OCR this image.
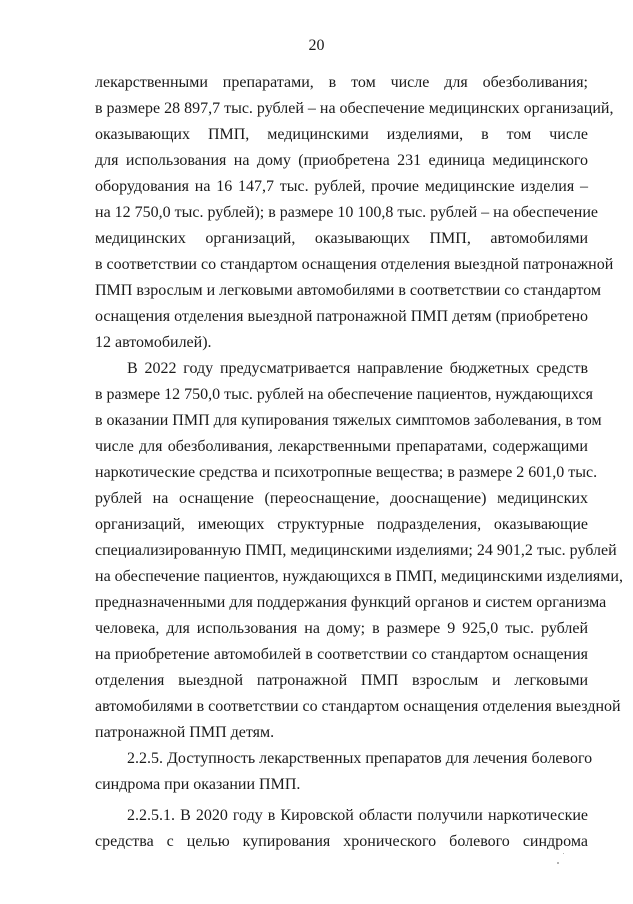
20
лекарственными препаратами, в том числе для обезболивания;
в размере 28 897,7 тыс. рублей – на обеспечение медицинских организаций,
оказывающих ПМП, медицинскими изделиями, в том числе
для использования на дому (приобретена 231 единица медицинского
оборудования на 16 147,7 тыс. рублей, прочие медицинские изделия –
на 12 750,0 тыс. рублей); в размере 10 100,8 тыс. рублей – на обеспечение
медицинских организаций, оказывающих ПМП, автомобилями
в соответствии со стандартом оснащения отделения выездной патронажной
ПМП взрослым и легковыми автомобилями в соответствии со стандартом
оснащения отделения выездной патронажной ПМП детям (приобретено
12 автомобилей).
В 2022 году предусматривается направление бюджетных средств
в размере 12 750,0 тыс. рублей на обеспечение пациентов, нуждающихся
в оказании ПМП для купирования тяжелых симптомов заболевания, в том
числе для обезболивания, лекарственными препаратами, содержащими
наркотические средства и психотропные вещества; в размере 2 601,0 тыс.
рублей на оснащение (переоснащение, дооснащение) медицинских
организаций, имеющих структурные подразделения, оказывающие
специализированную ПМП, медицинскими изделиями; 24 901,2 тыс. рублей
на обеспечение пациентов, нуждающихся в ПМП, медицинскими изделиями,
предназначенными для поддержания функций органов и систем организма
человека, для использования на дому; в размере 9 925,0 тыс. рублей
на приобретение автомобилей в соответствии со стандартом оснащения
отделения выездной патронажной ПМП взрослым и легковыми
автомобилями в соответствии со стандартом оснащения отделения выездной
патронажной ПМП детям.
2.2.5. Доступность лекарственных препаратов для лечения болевого
синдрома при оказании ПМП.
2.2.5.1. В 2020 году в Кировской области получили наркотические
средства с целью купирования хронического болевого синдрома
